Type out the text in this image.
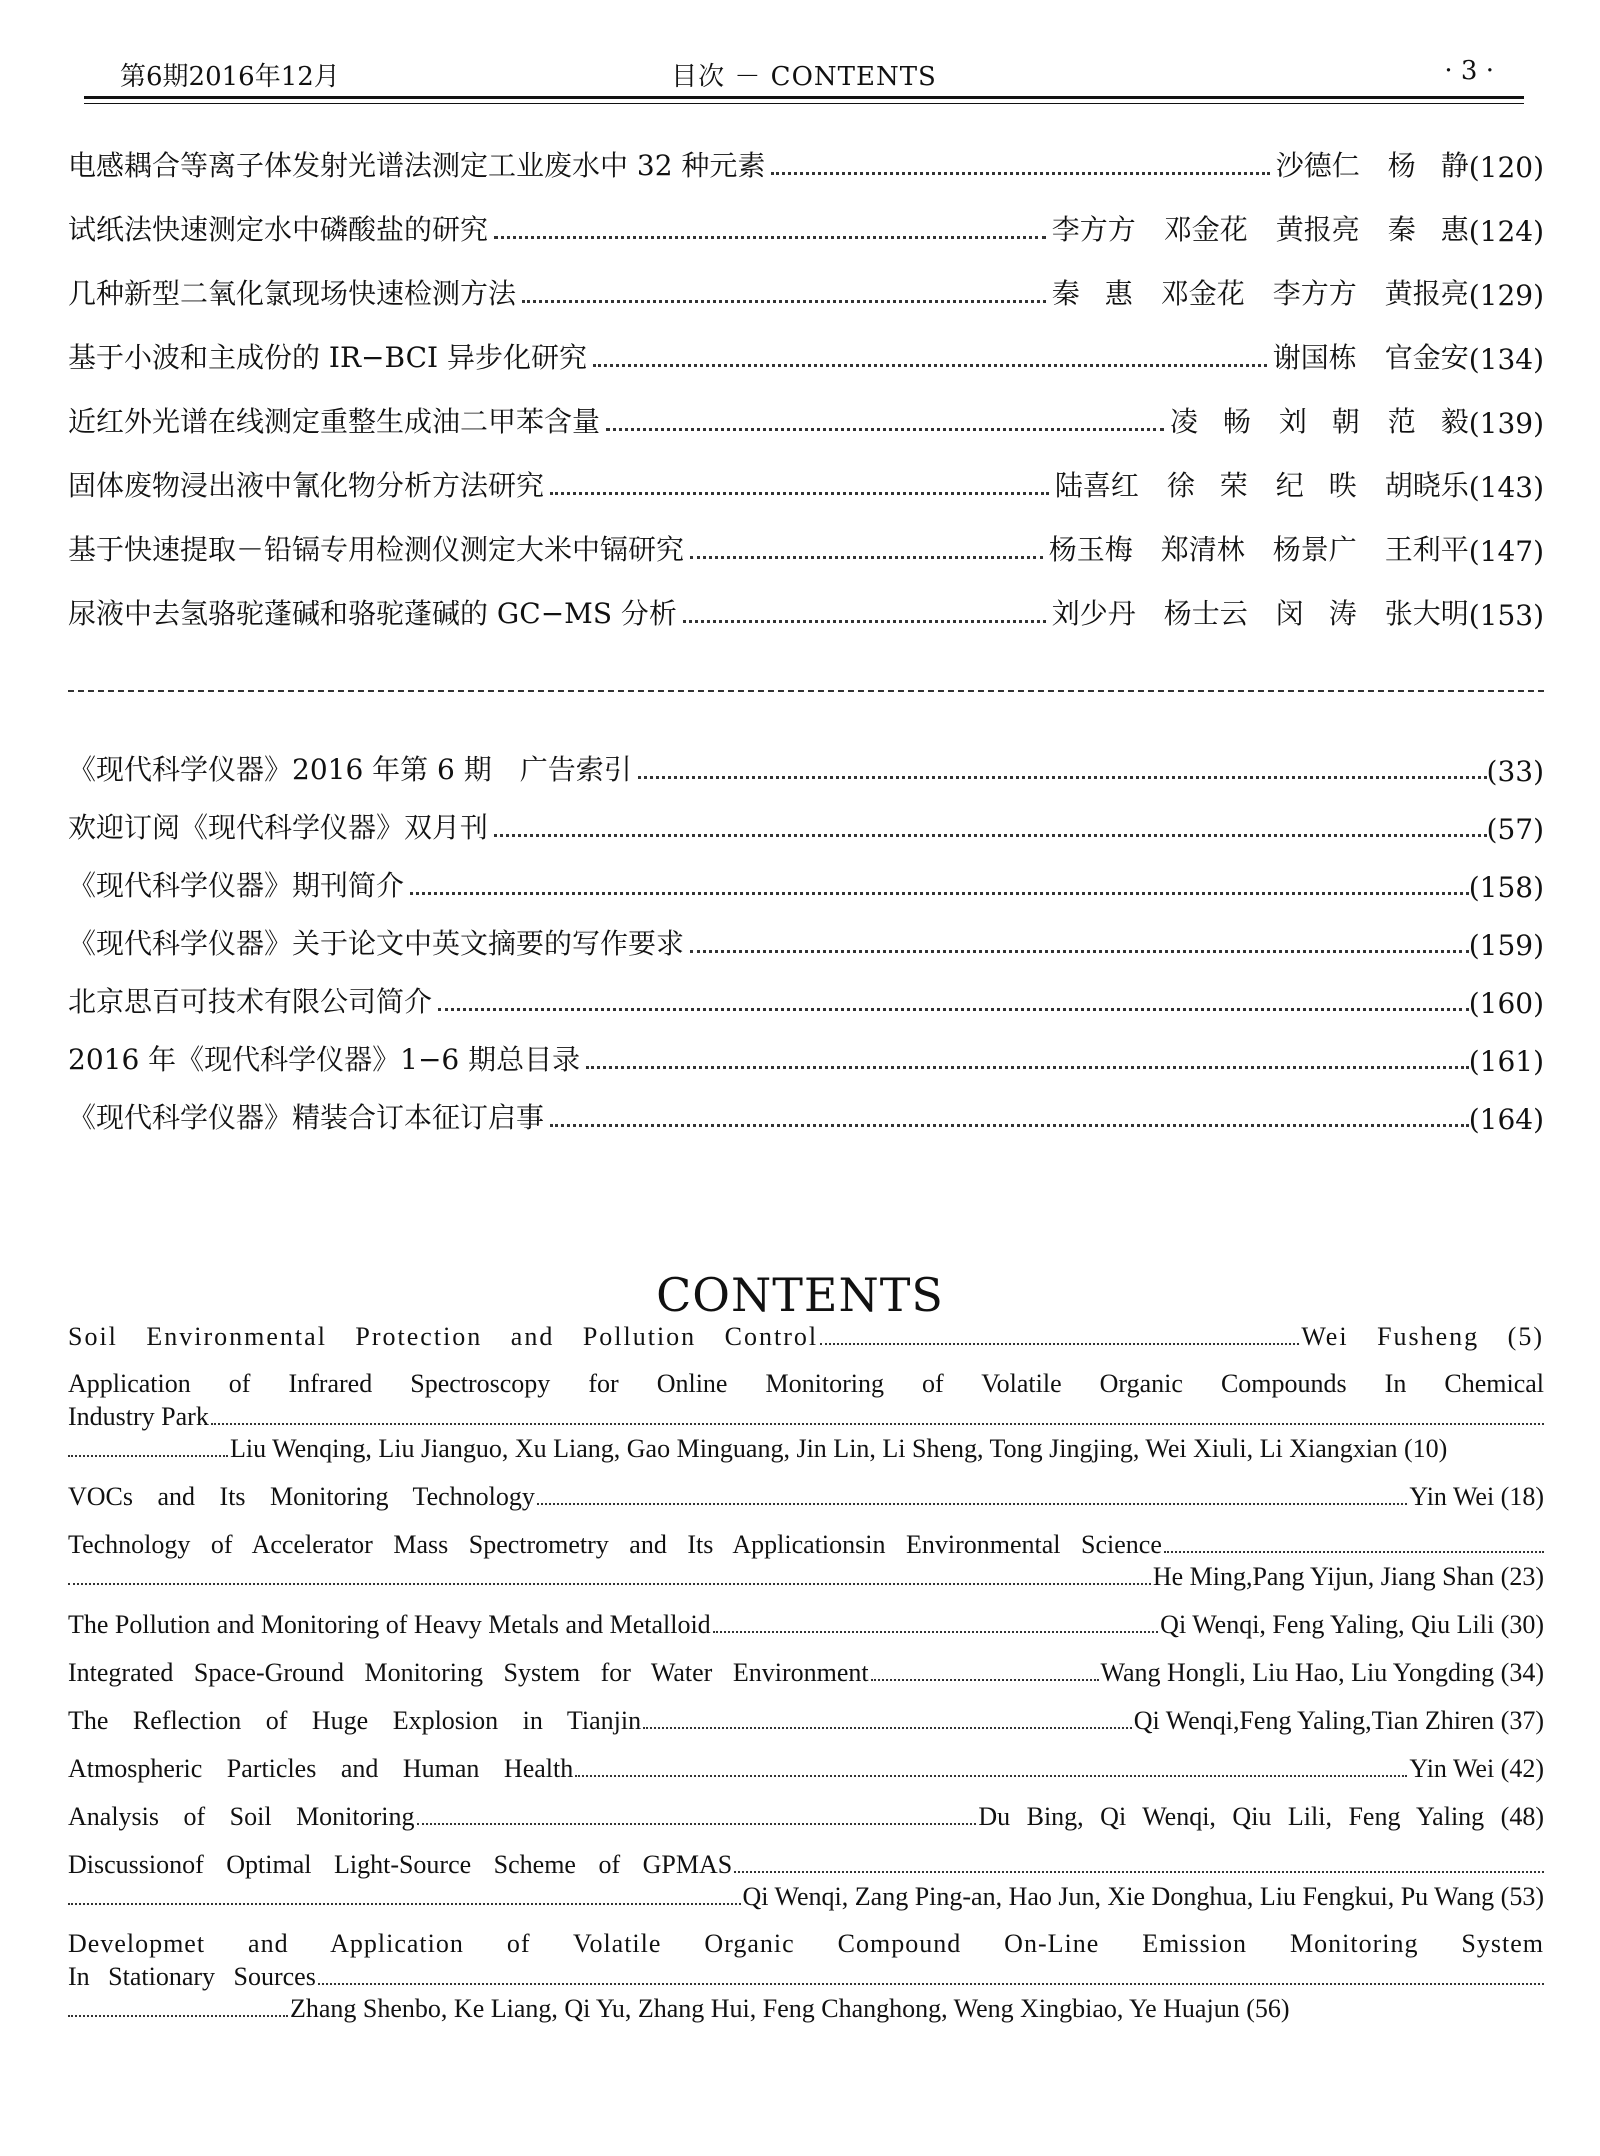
第6期2016年12月	目次 － CONTENTS	· 3 ·
电感耦合等离子体发射光谱法测定工业废水中 32 种元素	沙德仁　杨 静 (120)
试纸法快速测定水中磷酸盐的研究	李方方　邓金花　黄报亮　秦 惠 (124)
几种新型二氧化氯现场快速检测方法	秦 惠　邓金花　李方方　黄报亮 (129)
基于小波和主成份的 IR−BCI 异步化研究	谢国栋　官金安 (134)
近红外光谱在线测定重整生成油二甲苯含量	凌 畅　刘 朝　范 毅 (139)
固体废物浸出液中氰化物分析方法研究	陆喜红　徐 荣　纪 昳　胡晓乐 (143)
基于快速提取－铅镉专用检测仪测定大米中镉研究	杨玉梅　郑清林　杨景广　王利平 (147)
尿液中去氢骆驼蓬碱和骆驼蓬碱的 GC−MS 分析	刘少丹　杨士云　闵 涛　张大明 (153)
《现代科学仪器》2016 年第 6 期　广告索引	(33)
欢迎订阅《现代科学仪器》双月刊	(57)
《现代科学仪器》期刊简介	(158)
《现代科学仪器》关于论文中英文摘要的写作要求	(159)
北京思百可技术有限公司简介	(160)
2016 年《现代科学仪器》1−6 期总目录	(161)
《现代科学仪器》精装合订本征订启事	(164)
CONTENTS
Soil Environmental Protection and Pollution Control	Wei Fusheng (5)
Application of Infrared Spectroscopy for Online Monitoring of Volatile Organic Compounds In Chemical
Industry Park
Liu Wenqing, Liu Jianguo, Xu Liang, Gao Minguang, Jin Lin, Li Sheng, Tong Jingjing, Wei Xiuli, Li Xiangxian (10)
VOCs and Its Monitoring Technology	Yin Wei (18)
Technology of Accelerator Mass Spectrometry and Its Applicationsin Environmental Science
He Ming,Pang Yijun, Jiang Shan (23)
The Pollution and Monitoring of Heavy Metals and Metalloid	Qi Wenqi, Feng Yaling, Qiu Lili (30)
Integrated Space-Ground Monitoring System for Water Environment	Wang Hongli, Liu Hao, Liu Yongding (34)
The Reflection of Huge Explosion in Tianjin	Qi Wenqi,Feng Yaling,Tian Zhiren (37)
Atmospheric Particles and Human Health	Yin Wei (42)
Analysis of Soil Monitoring	Du Bing, Qi Wenqi, Qiu Lili, Feng Yaling (48)
Discussionof Optimal Light-Source Scheme of GPMAS
Qi Wenqi, Zang Ping-an, Hao Jun, Xie Donghua, Liu Fengkui, Pu Wang (53)
Developmet and Application of Volatile Organic Compound On-Line Emission Monitoring System
In Stationary Sources
Zhang Shenbo, Ke Liang, Qi Yu, Zhang Hui, Feng Changhong, Weng Xingbiao, Ye Huajun (56)
